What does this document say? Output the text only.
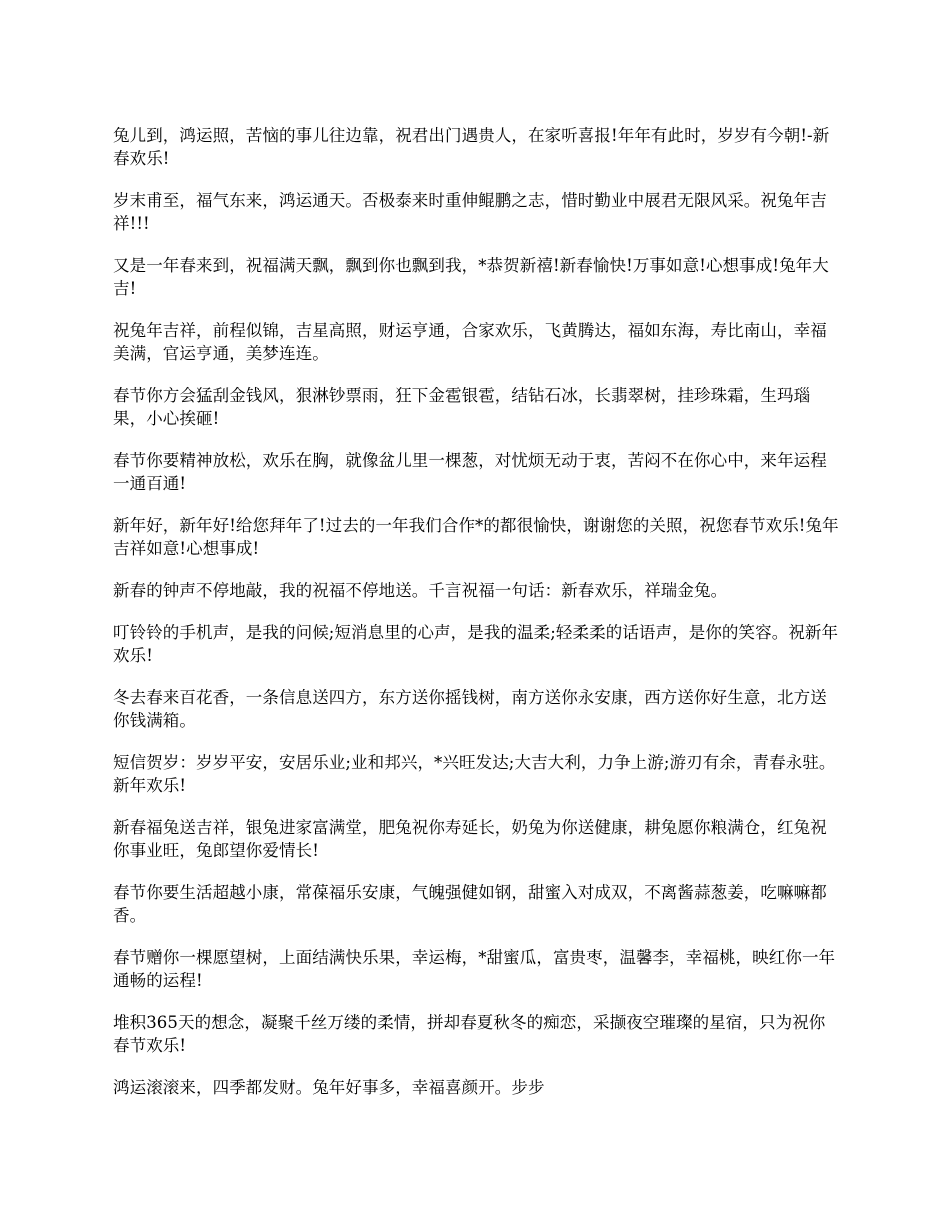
兔儿到，鸿运照，苦恼的事儿往边靠，祝君出门遇贵人，在家听喜报!年年有此时，岁岁有今朝!-新春欢乐!

岁末甫至，福气东来，鸿运通天。否极泰来时重伸鲲鹏之志，惜时勤业中展君无限风采。祝兔年吉祥!!!

又是一年春来到，祝福满天飘，飘到你也飘到我，*恭贺新禧!新春愉快!万事如意!心想事成!兔年大吉!

祝兔年吉祥，前程似锦，吉星高照，财运亨通，合家欢乐，飞黄腾达，福如东海，寿比南山，幸福美满，官运亨通，美梦连连。

春节你方会猛刮金钱风，狠淋钞票雨，狂下金雹银雹，结钻石冰，长翡翠树，挂珍珠霜，生玛瑙果，小心挨砸!

春节你要精神放松，欢乐在胸，就像盆儿里一棵葱，对忧烦无动于衷，苦闷不在你心中，来年运程一通百通!

新年好，新年好!给您拜年了!过去的一年我们合作*的都很愉快，谢谢您的关照，祝您春节欢乐!兔年吉祥如意!心想事成!

新春的钟声不停地敲，我的祝福不停地送。千言祝福一句话：新春欢乐，祥瑞金兔。

叮铃铃的手机声，是我的问候;短消息里的心声，是我的温柔;轻柔柔的话语声，是你的笑容。祝新年欢乐!

冬去春来百花香，一条信息送四方，东方送你摇钱树，南方送你永安康，西方送你好生意，北方送你钱满箱。

短信贺岁：岁岁平安，安居乐业;业和邦兴，*兴旺发达;大吉大利，力争上游;游刃有余，青春永驻。新年欢乐!

新春福兔送吉祥，银兔进家富满堂，肥兔祝你寿延长，奶兔为你送健康，耕兔愿你粮满仓，红兔祝你事业旺，兔郎望你爱情长!

春节你要生活超越小康，常葆福乐安康，气魄强健如钢，甜蜜入对成双，不离酱蒜葱姜，吃嘛嘛都香。

春节赠你一棵愿望树，上面结满快乐果，幸运梅，*甜蜜瓜，富贵枣，温馨李，幸福桃，映红你一年通畅的运程!

堆积365天的想念，凝聚千丝万缕的柔情，拼却春夏秋冬的痴恋，采撷夜空璀璨的星宿，只为祝你春节欢乐!

鸿运滚滚来，四季都发财。兔年好事多，幸福喜颜开。步步
